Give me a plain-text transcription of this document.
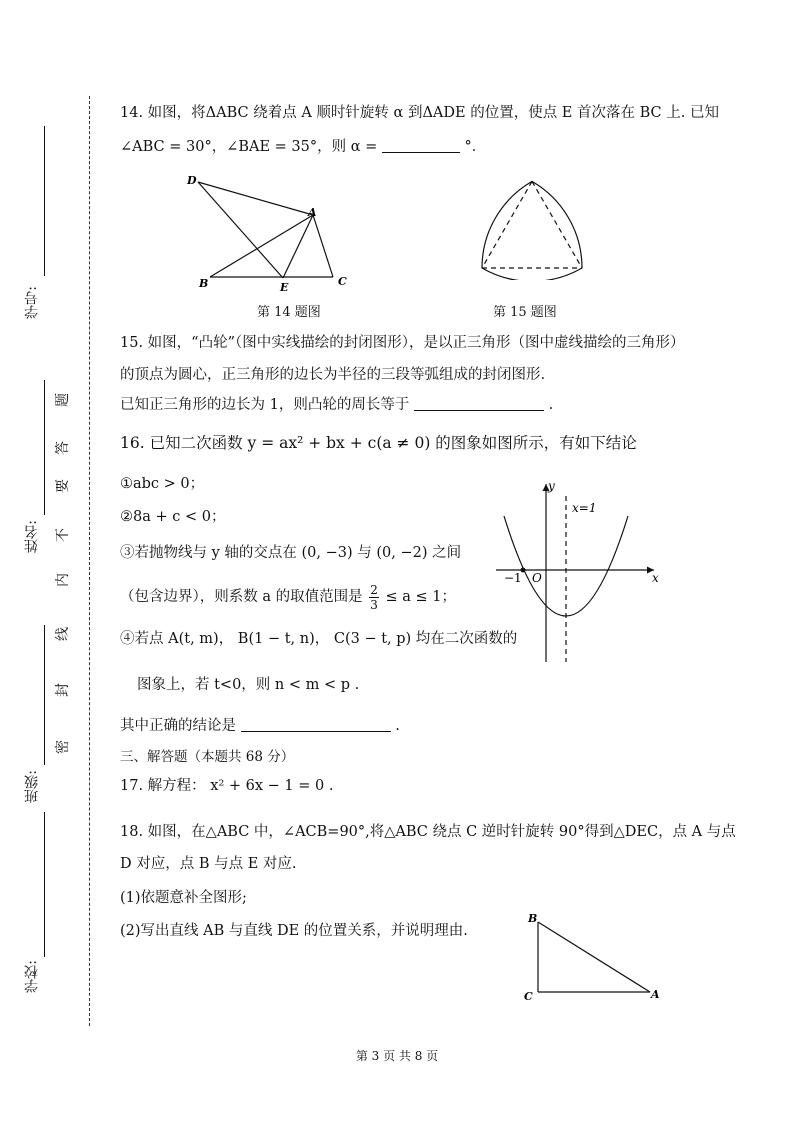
学号:
姓名:
班级:
学校:
密
封
线
内
不
要
答
题
14. 如图，将ΔABC 绕着点 A 顺时针旋转 α 到ΔADE 的位置，使点 E 首次落在 BC 上. 已知
∠ABC = 30°，∠BAE = 35°，则 α =	°．
D
A
B	E	C
第 14 题图	第 15 题图
15. 如图，“凸轮”（图中实线描绘的封闭图形），是以正三角形（图中虚线描绘的三角形）
的顶点为圆心，正三角形的边长为半径的三段等弧组成的封闭图形.
已知正三角形的边长为 1，则凸轮的周长等于	.
16. 已知二次函数 y = ax² + bx + c(a ≠ 0) 的图象如图所示，有如下结论
①abc > 0；
②8a + c < 0；
③若抛物线与 y 轴的交点在 (0, −3) 与 (0, −2) 之间
（包含边界），则系数 a 的取值范围是 $\frac{2}{3} \le a \le 1$；
④若点 A(t, m)， B(1 − t, n)， C(3 − t, p) 均在二次函数的
图象上，若 t<0，则 n < m < p .
其中正确的结论是	.
y
x
x=1
O
−1
三、解答题（本题共 68 分）
17. 解方程： x² + 6x − 1 = 0 .
18. 如图，在△ABC 中，∠ACB=90°,将△ABC 绕点 C 逆时针旋转 90°得到△DEC，点 A 与点
D 对应，点 B 与点 E 对应.
(1)依题意补全图形;
(2)写出直线 AB 与直线 DE 的位置关系，并说明理由.
B
C	A
第 3 页 共 8 页
